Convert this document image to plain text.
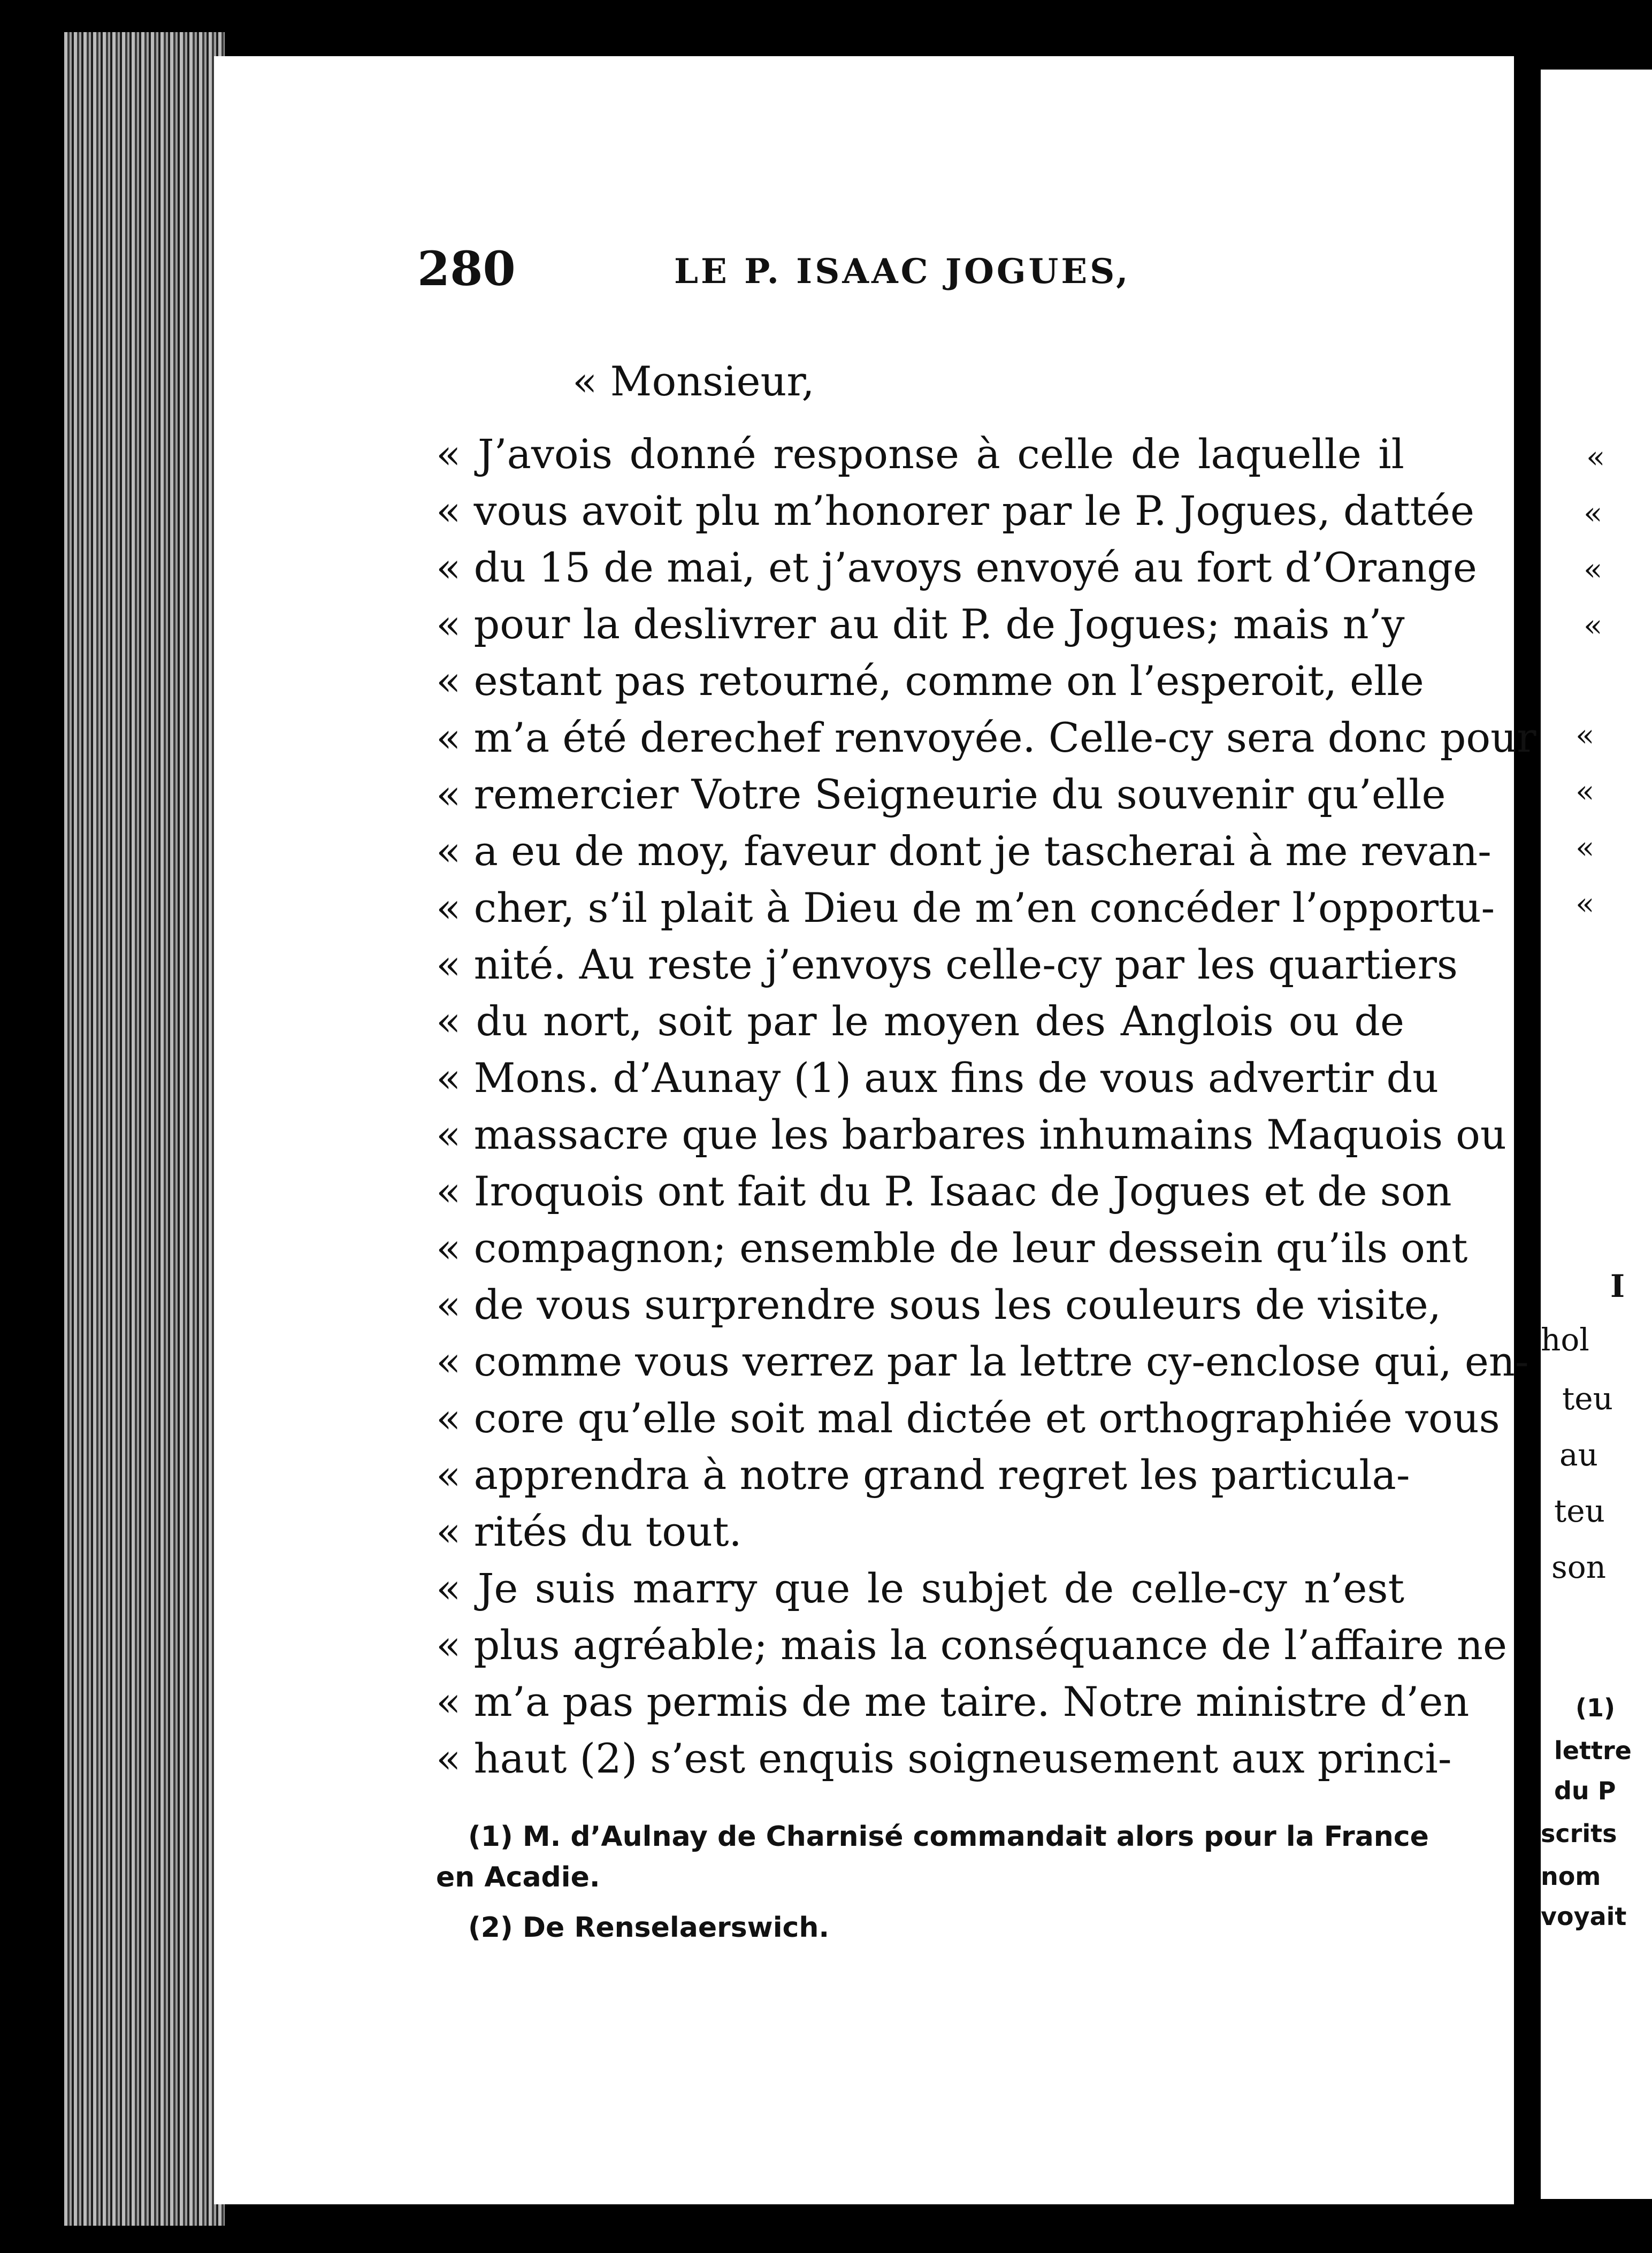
280	LE P. ISAAC JOGUES,
« Monsieur,
« J’avois donné response à celle de laquelle il
« vous avoit plu m’honorer par le P. Jogues, dattée
« du 15 de mai, et j’avoys envoyé au fort d’Orange
« pour la deslivrer au dit P. de Jogues; mais n’y
« estant pas retourné, comme on l’esperoit, elle
« m’a été derechef renvoyée. Celle-cy sera donc pour
« remercier Votre Seigneurie du souvenir qu’elle
« a eu de moy, faveur dont je tascherai à me revan-
« cher, s’il plait à Dieu de m’en concéder l’opportu-
« nité. Au reste j’envoys celle-cy par les quartiers
« du nort, soit par le moyen des Anglois ou de
« Mons. d’Aunay (1) aux fins de vous advertir du
« massacre que les barbares inhumains Maquois ou
« Iroquois ont fait du P. Isaac de Jogues et de son
« compagnon; ensemble de leur dessein qu’ils ont
« de vous surprendre sous les couleurs de visite,
« comme vous verrez par la lettre cy-enclose qui, en-
« core qu’elle soit mal dictée et orthographiée vous
« apprendra à notre grand regret les particula-
« rités du tout.
« Je suis marry que le subjet de celle-cy n’est
« plus agréable; mais la conséquance de l’affaire ne
« m’a pas permis de me taire. Notre ministre d’en
« haut (2) s’est enquis soigneusement aux princi-
(1) M. d’Aulnay de Charnisé commandait alors pour la France
en Acadie.
(2) De Renselaerswich.
«
«
«
«
«
«
«
«
I
hol
teu
au
teu
son
(1)
lettre
du P
scrits
nom
voyait
